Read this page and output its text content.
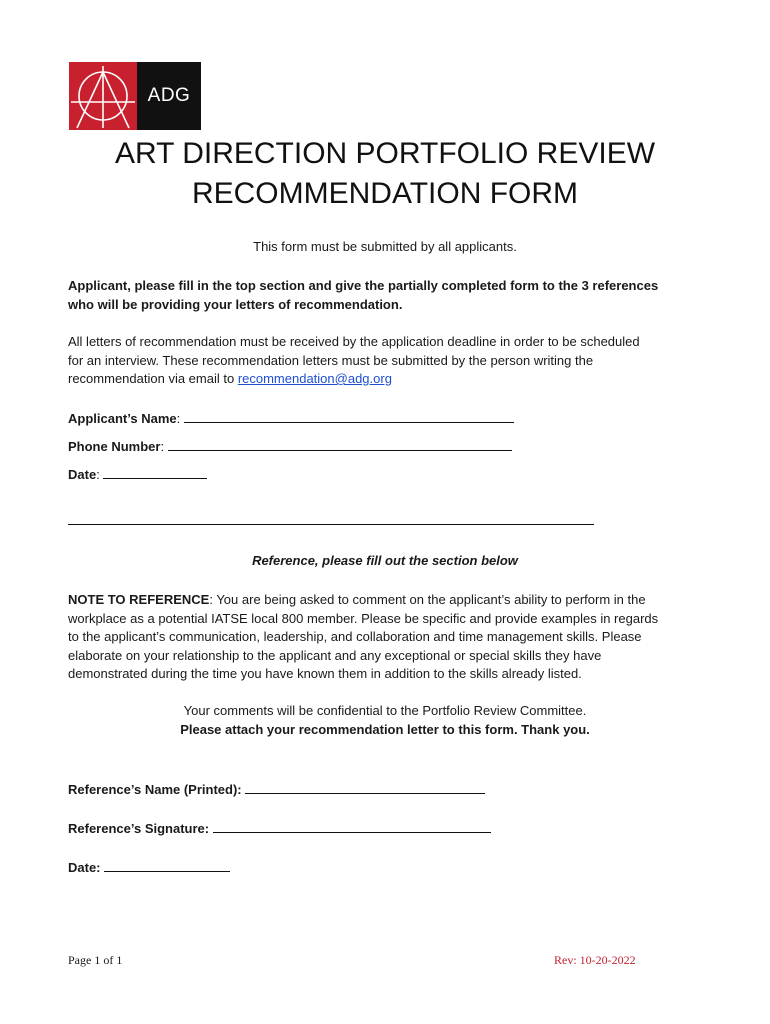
ADG
ART DIRECTION PORTFOLIO REVIEW
RECOMMENDATION FORM
This form must be submitted by all applicants.
Applicant, please fill in the top section and give the partially completed form to the 3 references
who will be providing your letters of recommendation.
All letters of recommendation must be received by the application deadline in order to be scheduled
for an interview. These recommendation letters must be submitted by the person writing the
recommendation via email to recommendation@adg.org
Applicant’s Name:
Phone Number:
Date:
Reference, please fill out the section below
NOTE TO REFERENCE: You are being asked to comment on the applicant’s ability to perform in the
workplace as a potential IATSE local 800 member. Please be specific and provide examples in regards
to the applicant’s communication, leadership, and collaboration and time management skills. Please
elaborate on your relationship to the applicant and any exceptional or special skills they have
demonstrated during the time you have known them in addition to the skills already listed.
Your comments will be confidential to the Portfolio Review Committee.
Please attach your recommendation letter to this form. Thank you.
Reference’s Name (Printed):
Reference’s Signature:
Date:
Page 1 of 1	Rev: 10-20-2022
